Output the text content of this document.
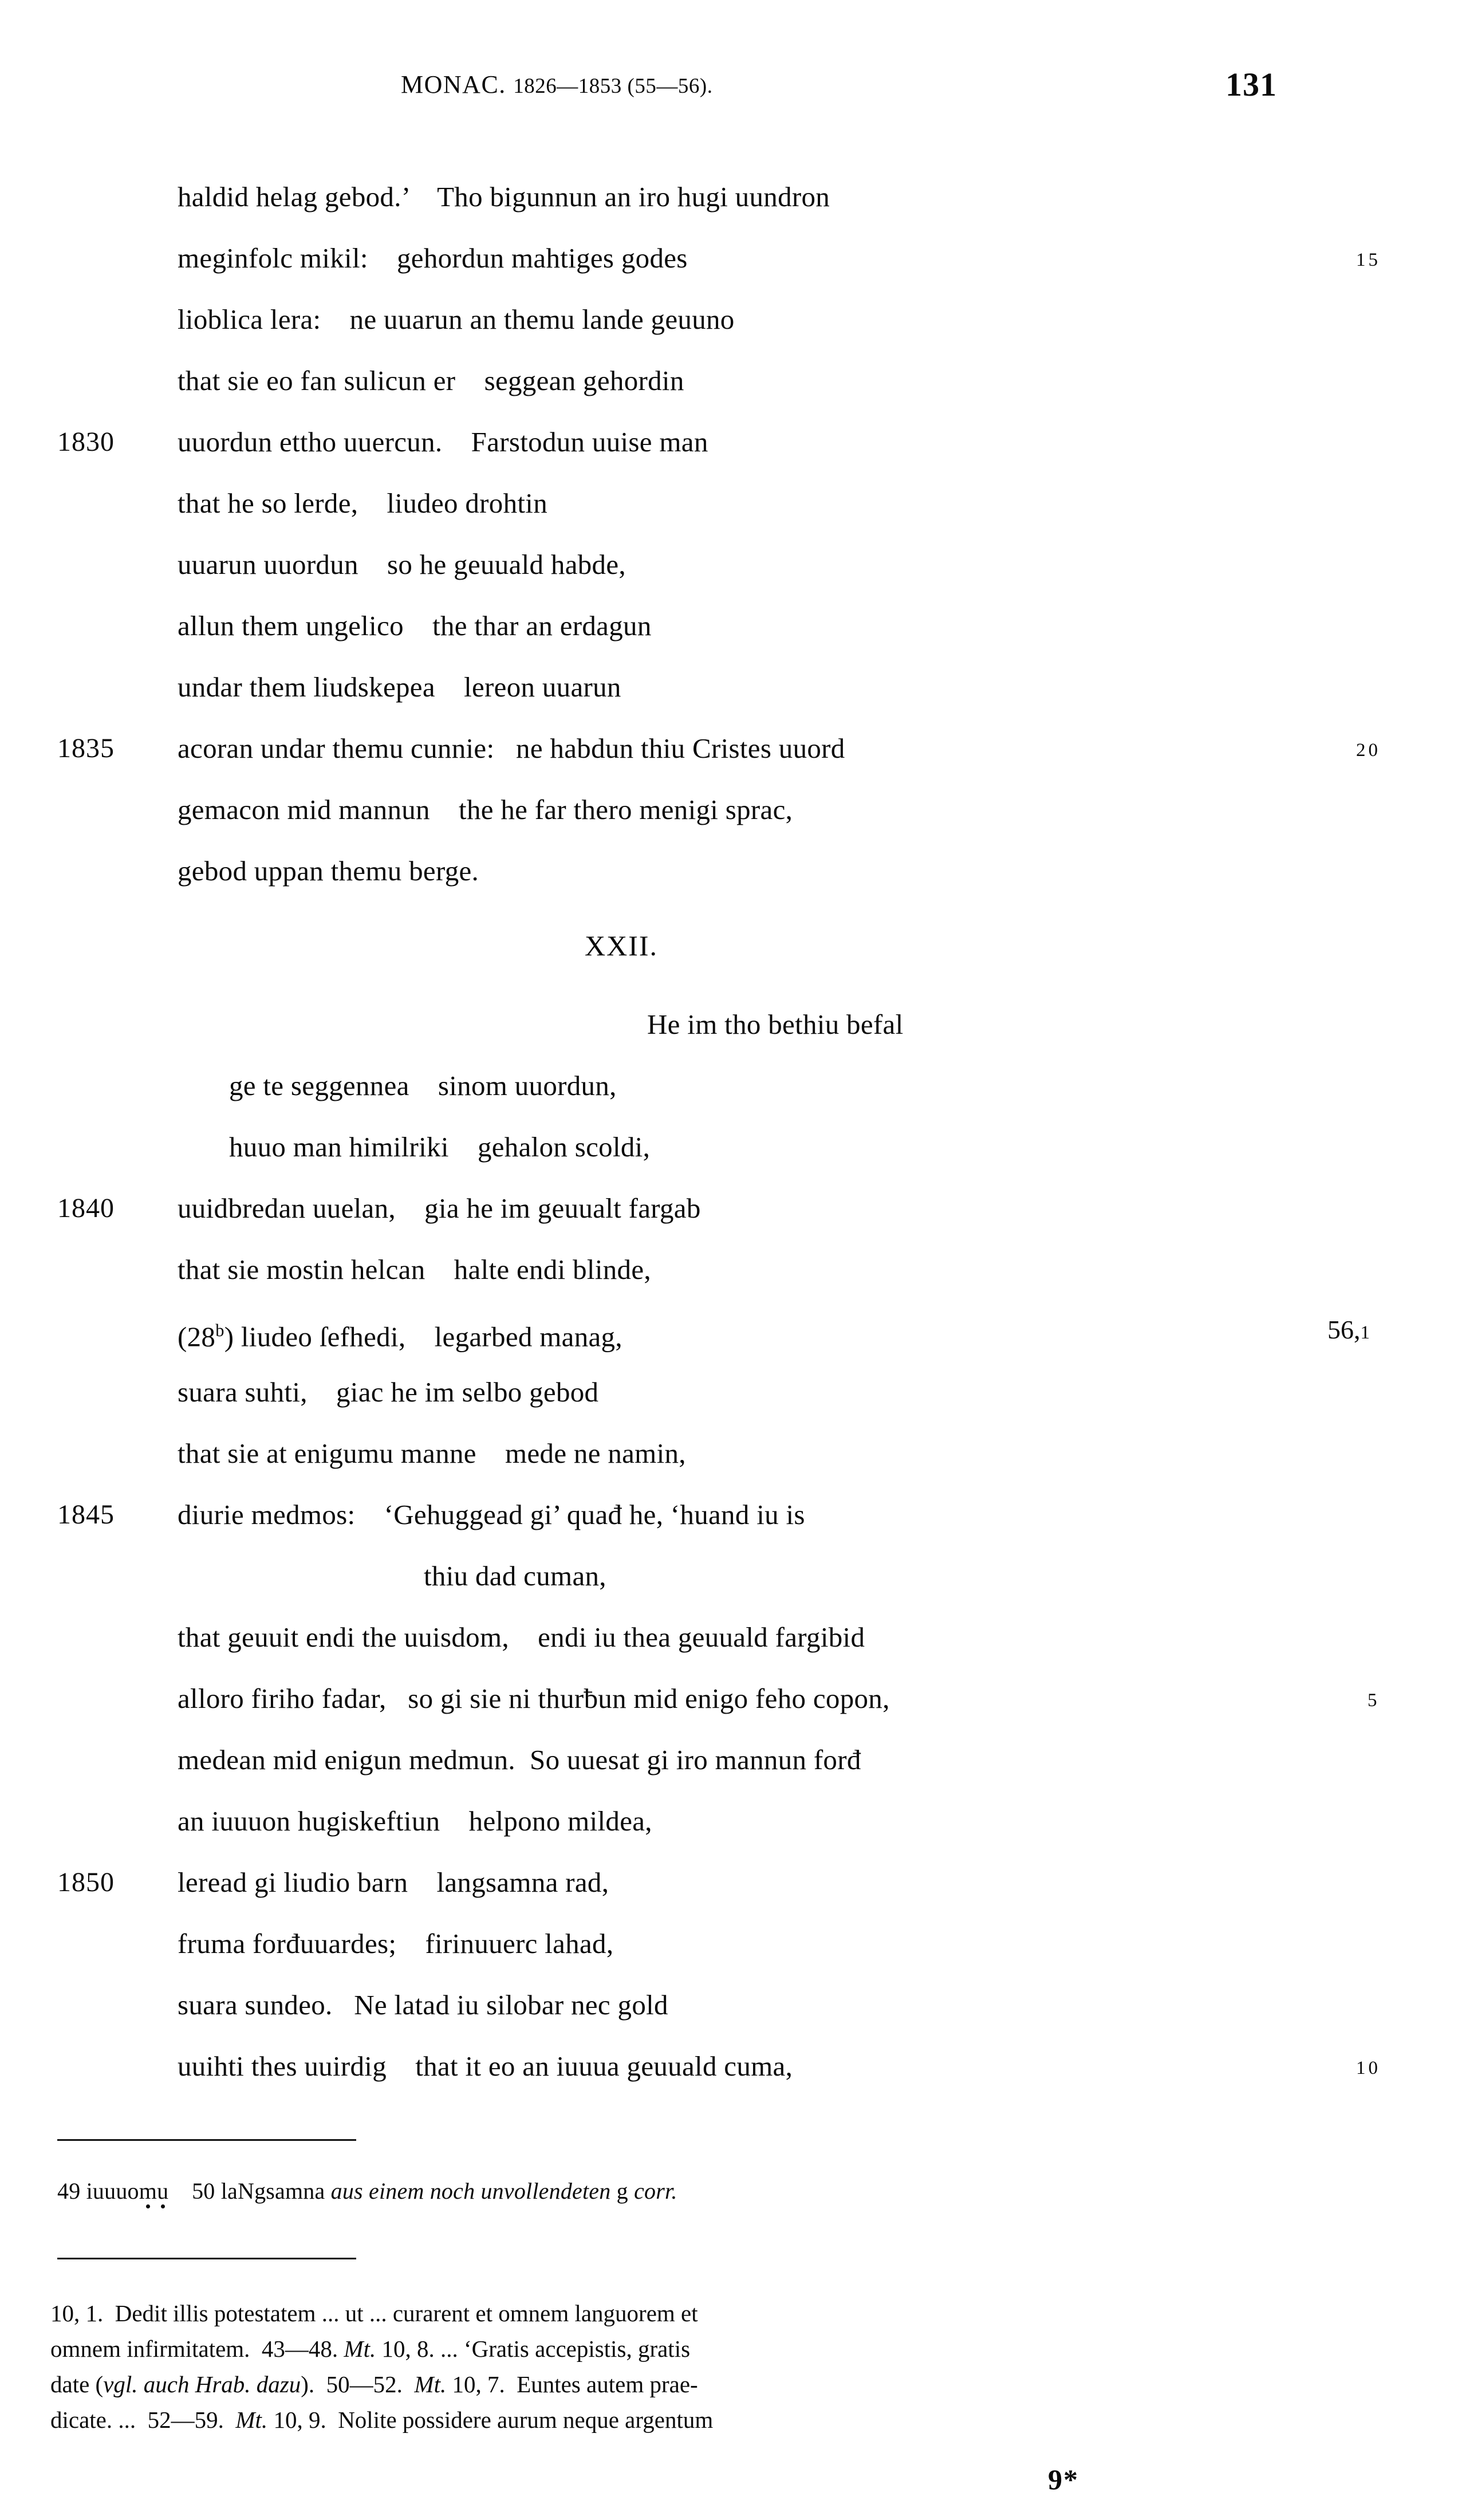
MONAC. 1826—1853 (55—56).	131
haldid helag gebod.’    Tho bigunnun an iro hugi uundron
meginfolc mikil:    gehordun mahtiges godes	15
lioblica lera:    ne uuarun an themu lande geuuno
that sie eo fan sulicun er    seggean gehordin
1830 uuordun ettho uuercun.    Farstodun uuise man
that he so lerde,    liudeo drohtin
uuarun uuordun    so he geuuald habde,
allun them ungelico    the thar an erdagun
undar them liudskepea    lereon uuarun
1835 acoran undar themu cunnie:   ne habdun thiu Cristes uuord	20
gemacon mid mannun    the he far thero menigi sprac,
gebod uppan themu berge.
XXII.
He im tho bethiu befal
ge te seggennea    sinom uuordun,
huuo man himilriki    gehalon scoldi,
1840 uuidbredan uuelan,    gia he im geuualt fargab
that sie mostin helcan    halte endi blinde,
(28$^b$) liudeo ſefhedi,    legarbed manag,	56,1
suara suhti,    giac he im selbo gebod
that sie at enigumu manne    mede ne namin,
1845 diurie medmos:    ‘Gehuggead gi’ quađ he, ‘huand iu is
thiu dad cuman,
that geuuit endi the uuisdom,    endi iu thea geuuald fargibid
alloro firiho fadar,   so gi sie ni thurƀun mid enigo feho copon,	5
medean mid enigun medmun.  So uuesat gi iro mannun forđ
an iuuuon hugiskeftiun    helpono mildea,
1850 leread gi liudio barn    langsamna rad,
fruma forđuuardes;    firinuuerc lahad,
suara sundeo.   Ne latad iu silobar nec gold
uuihti thes uuirdig    that it eo an iuuua geuuald cuma,	10
49 iuuuomu 50 laNgsamna aus einem noch unvollendeten g corr.
10, 1.  Dedit illis potestatem ... ut ... curarent et omnem languorem et
omnem infirmitatem.  43—48. Mt. 10, 8. ... ‘Gratis accepistis, gratis
date (vgl. auch Hrab. dazu).  50—52.  Mt. 10, 7.  Euntes autem prae-
dicate. ...  52—59.  Mt. 10, 9.  Nolite possidere aurum neque argentum
9*
